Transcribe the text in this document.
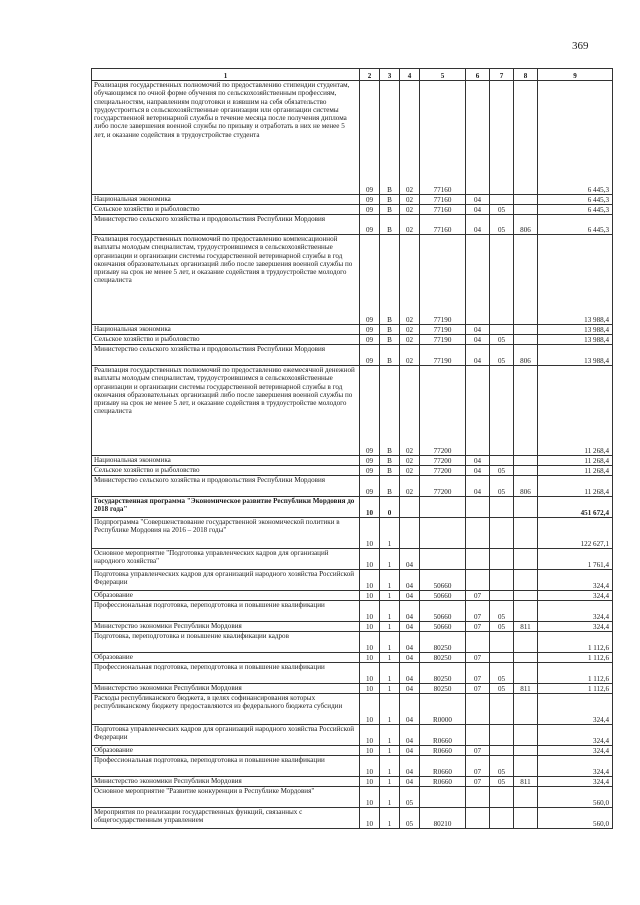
369
1	2	3	4	5	6	7	8	9
Реализация государственных полномочий по предоставлению стипендии студентам, обучающимся по очной форме обучения по сельскохозяйственным профессиям, специальностям, направлениям подготовки и взявшим на себя обязательство трудоустроиться в сельскохозяйственные организации или организации системы государственной ветеринарной службы в течение месяца после получения диплома либо после завершения военной службы по призыву и отработать в них не менее 5 лет, и оказание содействия в трудоустройстве студента	09	В	02	77160				6 445,3
Национальная экономика	09	В	02	77160	04			6 445,3
Сельское хозяйство и рыболовство	09	В	02	77160	04	05		6 445,3
Министерство сельского хозяйства и продовольствия Республики Мордовия	09	В	02	77160	04	05	806	6 445,3
Реализация государственных полномочий по предоставлению компенсационной выплаты молодым специалистам, трудоустроившимся в сельскохозяйственные организации и организации системы государственной ветеринарной службы в год окончания образовательных организаций либо после завершения военной службы по призыву на срок не менее 5 лет, и оказание содействия в трудоустройстве молодого специалиста	09	В	02	77190				13 988,4
Национальная экономика	09	В	02	77190	04			13 988,4
Сельское хозяйство и рыболовство	09	В	02	77190	04	05		13 988,4
Министерство сельского хозяйства и продовольствия Республики Мордовия	09	В	02	77190	04	05	806	13 988,4
Реализация государственных полномочий по предоставлению ежемесячной денежной выплаты молодым специалистам, трудоустроившимся в сельскохозяйственные организации и организации системы государственной ветеринарной службы в год окончания образовательных организаций либо после завершения военной службы по призыву на срок не менее 5 лет, и оказание содействия в трудоустройстве молодого специалиста	09	В	02	77200				11 268,4
Национальная экономика	09	В	02	77200	04			11 268,4
Сельское хозяйство и рыболовство	09	В	02	77200	04	05		11 268,4
Министерство сельского хозяйства и продовольствия Республики Мордовия	09	В	02	77200	04	05	806	11 268,4
Государственная программа "Экономическое развитие Республики Мордовия до 2018 года"	10	0						451 672,4
Подпрограмма "Совершенствование государственной экономической политики в Республике Мордовия на 2016 – 2018 годы"	10	1						122 627,1
Основное мероприятие "Подготовка управленческих кадров для организаций народного хозяйства"	10	1	04					1 761,4
Подготовка управленческих кадров для организаций народного хозяйства Российской Федерации	10	1	04	50660				324,4
Образование	10	1	04	50660	07			324,4
Профессиональная подготовка, переподготовка и повышение квалификации	10	1	04	50660	07	05		324,4
Министерство экономики Республики Мордовия	10	1	04	50660	07	05	811	324,4
Подготовка, переподготовка и повышение квалификации кадров	10	1	04	80250				1 112,6
Образование	10	1	04	80250	07			1 112,6
Профессиональная подготовка, переподготовка и повышение квалификации	10	1	04	80250	07	05		1 112,6
Министерство экономики Республики Мордовия	10	1	04	80250	07	05	811	1 112,6
Расходы республиканского бюджета, в целях софинансирования которых республиканскому бюджету предоставляются из федерального бюджета субсидии	10	1	04	R0000				324,4
Подготовка управленческих кадров для организаций народного хозяйства Российской Федерации	10	1	04	R0660				324,4
Образование	10	1	04	R0660	07			324,4
Профессиональная подготовка, переподготовка и повышение квалификации	10	1	04	R0660	07	05		324,4
Министерство экономики Республики Мордовия	10	1	04	R0660	07	05	811	324,4
Основное мероприятие "Развитие конкуренции в Республике Мордовия"	10	1	05					560,0
Мероприятия по реализации государственных функций, связанных с общегосударственным управлением	10	1	05	80210				560,0
